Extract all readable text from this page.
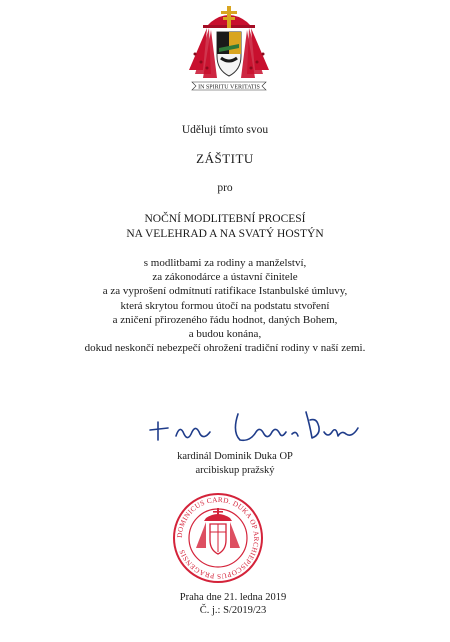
IN SPIRITU VERITATIS
Uděluji tímto svou
ZÁŠTITU
pro
NOČNÍ MODLITEBNÍ PROCESÍ
NA VELEHRAD A NA SVATÝ HOSTÝN
s modlitbami za rodiny a manželství,
za zákonodárce a ústavní činitele
a za vyprošení odmítnutí ratifikace Istanbulské úmluvy,
která skrytou formou útočí na podstatu stvoření
a zničení přirozeného řádu hodnot, daných Bohem,
a budou konána,
dokud neskončí nebezpečí ohrožení tradiční rodiny v naší zemi.
kardinál Dominik Duka OP
arcibiskup pražský
DOMINICUS CARD. DUKA OP ARCHIEPISCOPUS PRAGENSIS
Praha dne 21. ledna 2019
Č. j.: S/2019/23
